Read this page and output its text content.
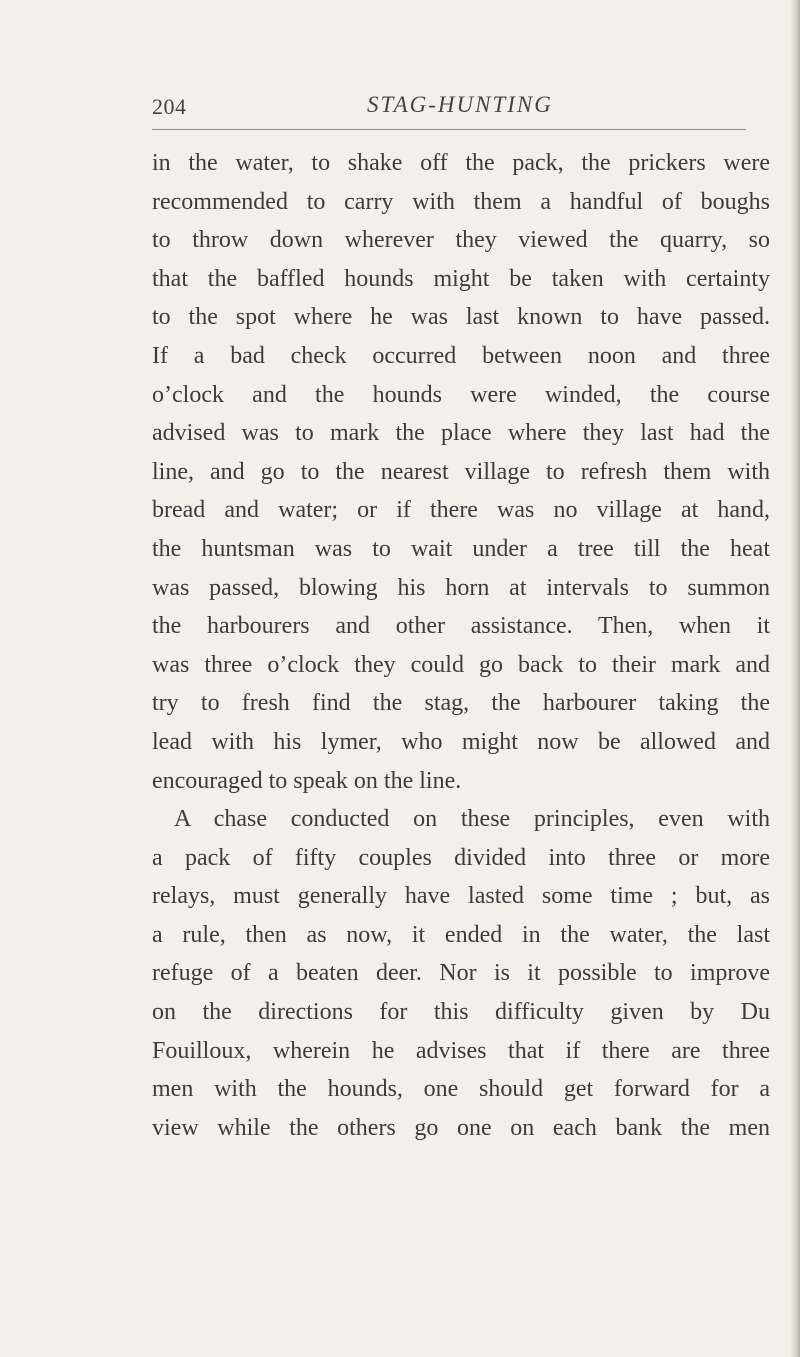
204	STAG-HUNTING
in the water, to shake off the pack, the prickers were
recommended to carry with them a handful of boughs
to throw down wherever they viewed the quarry, so
that the baffled hounds might be taken with certainty
to the spot where he was last known to have passed.
If a bad check occurred between noon and three
o’clock and the hounds were winded, the course
advised was to mark the place where they last had the
line, and go to the nearest village to refresh them with
bread and water; or if there was no village at hand,
the huntsman was to wait under a tree till the heat
was passed, blowing his horn at intervals to summon
the harbourers and other assistance. Then, when it
was three o’clock they could go back to their mark and
try to fresh find the stag, the harbourer taking the
lead with his lymer, who might now be allowed and
encouraged to speak on the line.
A chase conducted on these principles, even with
a pack of fifty couples divided into three or more
relays, must generally have lasted some time ; but, as
a rule, then as now, it ended in the water, the last
refuge of a beaten deer. Nor is it possible to improve
on the directions for this difficulty given by Du
Fouilloux, wherein he advises that if there are three
men with the hounds, one should get forward for a
view while the others go one on each bank the men
